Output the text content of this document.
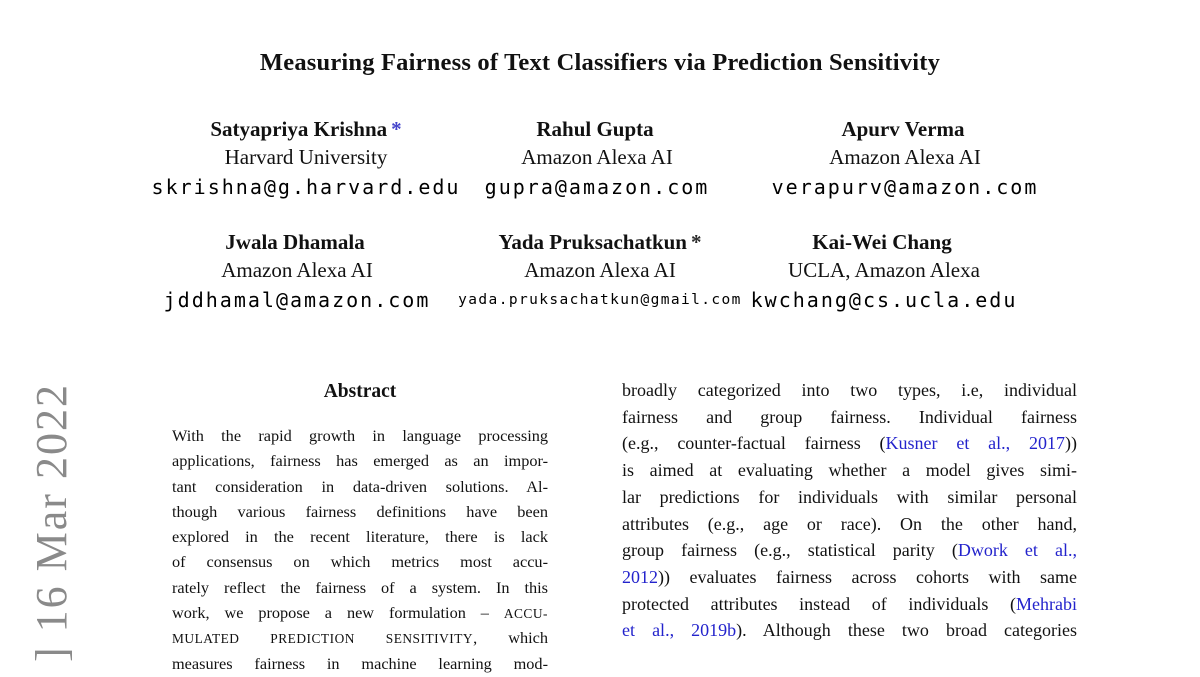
] 16 Mar 2022
Measuring Fairness of Text Classifiers via Prediction Sensitivity
Satyapriya Krishna *
Harvard University
skrishna@g.harvard.edu
Rahul Gupta
Amazon Alexa AI
gupra@amazon.com
Apurv Verma
Amazon Alexa AI
verapurv@amazon.com
Jwala Dhamala
Amazon Alexa AI
jddhamal@amazon.com
Yada Pruksachatkun *
Amazon Alexa AI
yada.pruksachatkun@gmail.com
Kai-Wei Chang
UCLA, Amazon Alexa
kwchang@cs.ucla.edu
Abstract
With the rapid growth in language processing
applications, fairness has emerged as an impor-
tant consideration in data-driven solutions. Al-
though various fairness definitions have been
explored in the recent literature, there is lack
of consensus on which metrics most accu-
rately reflect the fairness of a system. In this
work, we propose a new formulation – ACCU-
MULATED PREDICTION SENSITIVITY, which
measures fairness in machine learning mod-
broadly categorized into two types, i.e, individual
fairness and group fairness. Individual fairness
(e.g., counter-factual fairness (Kusner et al., 2017))
is aimed at evaluating whether a model gives simi-
lar predictions for individuals with similar personal
attributes (e.g., age or race). On the other hand,
group fairness (e.g., statistical parity (Dwork et al.,
2012)) evaluates fairness across cohorts with same
protected attributes instead of individuals (Mehrabi
et al., 2019b). Although these two broad categories
